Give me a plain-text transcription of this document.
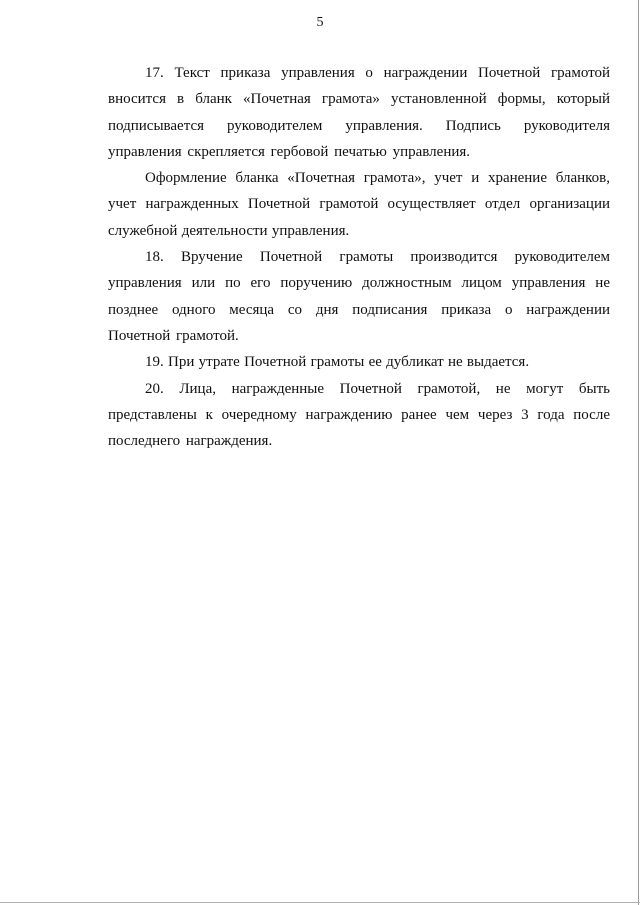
5

17. Текст приказа управления о награждении Почетной грамотой вносится в бланк «Почетная грамота» установленной формы, который подписывается руководителем управления. Подпись руководителя управления скрепляется гербовой печатью управления.

Оформление бланка «Почетная грамота», учет и хранение бланков, учет награжденных Почетной грамотой осуществляет отдел организации служебной деятельности управления.

18. Вручение Почетной грамоты производится руководителем управления или по его поручению должностным лицом управления не позднее одного месяца со дня подписания приказа о награждении Почетной грамотой.

19. При утрате Почетной грамоты ее дубликат не выдается.

20. Лица, награжденные Почетной грамотой, не могут быть представлены к очередному награждению ранее чем через 3 года после последнего награждения.
